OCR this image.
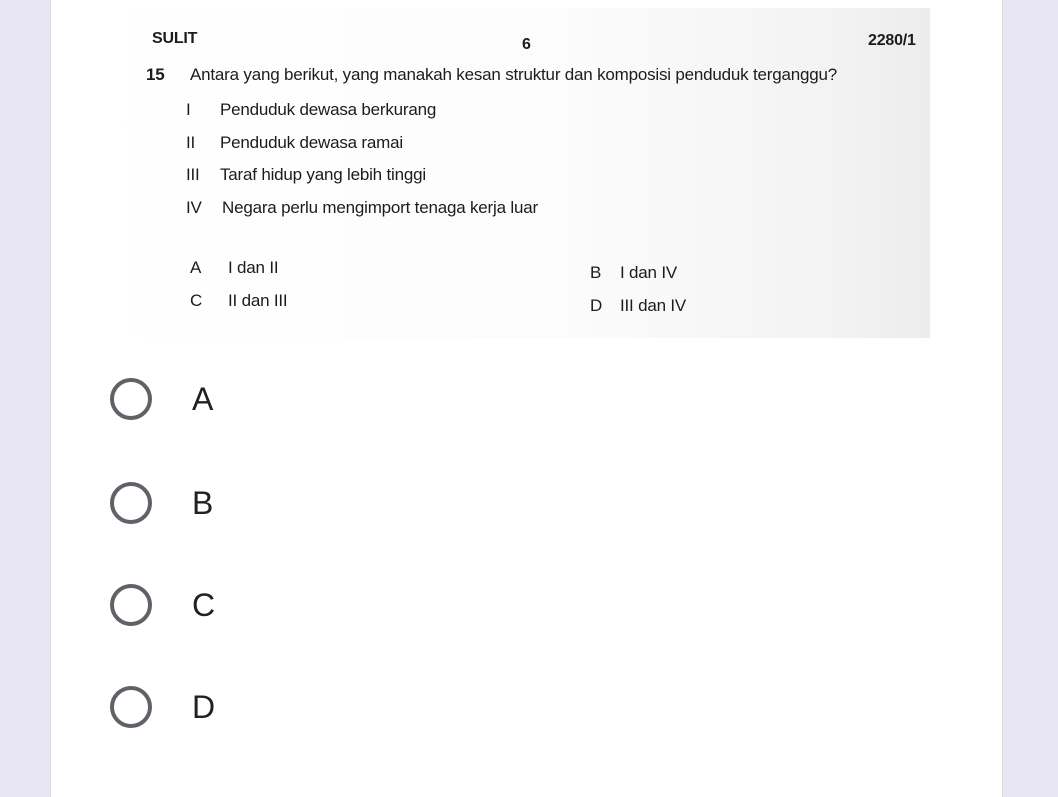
SULIT	6	2280/1
15 Antara yang berikut, yang manakah kesan struktur dan komposisi penduduk terganggu?
I Penduduk dewasa berkurang
II Penduduk dewasa ramai
III Taraf hidup yang lebih tinggi
IV Negara perlu mengimport tenaga kerja luar
A I dan II	B I dan IV
C II dan III	D III dan IV
A
B
C
D
